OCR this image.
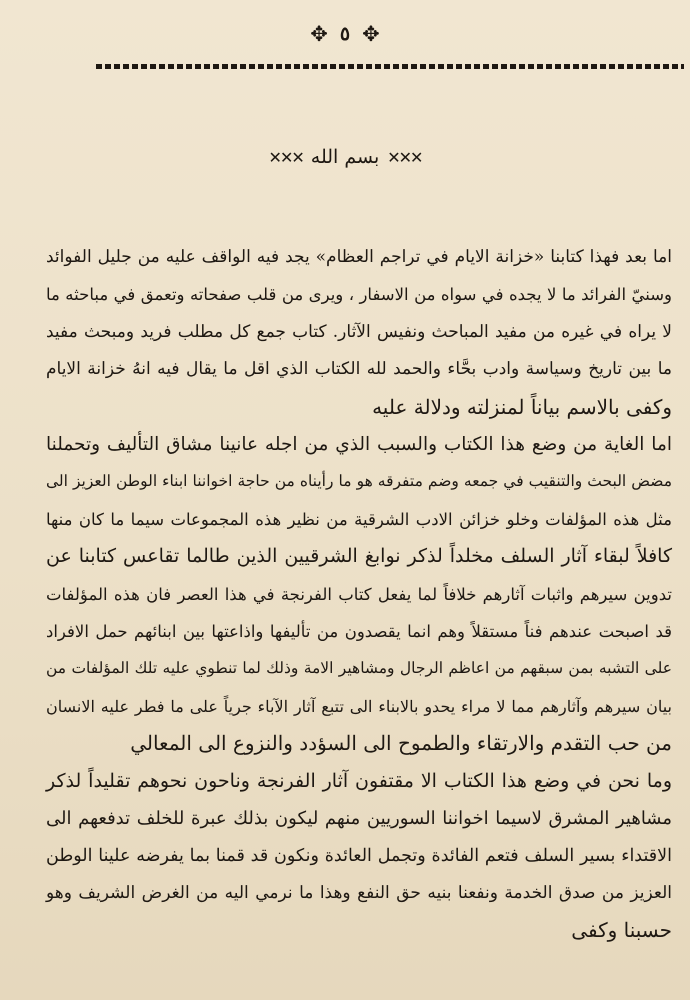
✥
٥
✥
✕✕✕
بسم الله
✕✕✕
اما بعد فهذا كتابنا «خزانة الايام في تراجم العظام» يجد فيه الواقف عليه من جليل الفوائد
وسنيّ الفرائد ما لا يجده في سواه من الاسفار ، ويرى من قلب صفحاته وتعمق في مباحثه ما
لا يراه في غيره من مفيد المباحث ونفيس الآثار. كتاب جمع كل مطلب فريد ومبحث مفيد
ما بين تاريخ وسياسة وادب بحَّاء والحمد لله الكتاب الذي اقل ما يقال فيه انهُ خزانة الايام
وكفى بالاسم بياناً لمنزلته ودلالة عليه
اما الغاية من وضع هذا الكتاب والسبب الذي من اجله عانينا مشاق التأليف وتحملنا
مضض البحث والتنقيب في جمعه وضم متفرقه هو ما رأيناه من حاجة اخواننا ابناء الوطن العزيز الى
مثل هذه المؤلفات وخلو خزائن الادب الشرقية من نظير هذه المجموعات سيما ما كان منها
كافلاً لبقاء آثار السلف مخلداً لذكر نوابغ الشرقيين الذين طالما تقاعس كتابنا عن
تدوين سيرهم واثبات آثارهم خلافاً لما يفعل كتاب الفرنجة في هذا العصر فان هذه المؤلفات
قد اصبحت عندهم فناً مستقلاً وهم انما يقصدون من تأليفها واذاعتها بين ابنائهم حمل الافراد
على التشبه بمن سبقهم من اعاظم الرجال ومشاهير الامة وذلك لما تنطوي عليه تلك المؤلفات من
بيان سيرهم وآثارهم مما لا مراء يحدو بالابناء الى تتبع آثار الآباء جرياً على ما فطر عليه الانسان
من حب التقدم والارتقاء والطموح الى السؤدد والنزوع الى المعالي
وما نحن في وضع هذا الكتاب الا مقتفون آثار الفرنجة وناحون نحوهم تقليداً لذكر
مشاهير المشرق لاسيما اخواننا السوريين منهم ليكون بذلك عبرة للخلف تدفعهم الى
الاقتداء بسير السلف فتعم الفائدة وتجمل العائدة ونكون قد قمنا بما يفرضه علينا الوطن
العزيز من صدق الخدمة ونفعنا بنيه حق النفع وهذا ما نرمي اليه من الغرض الشريف وهو
حسبنا وكفى
